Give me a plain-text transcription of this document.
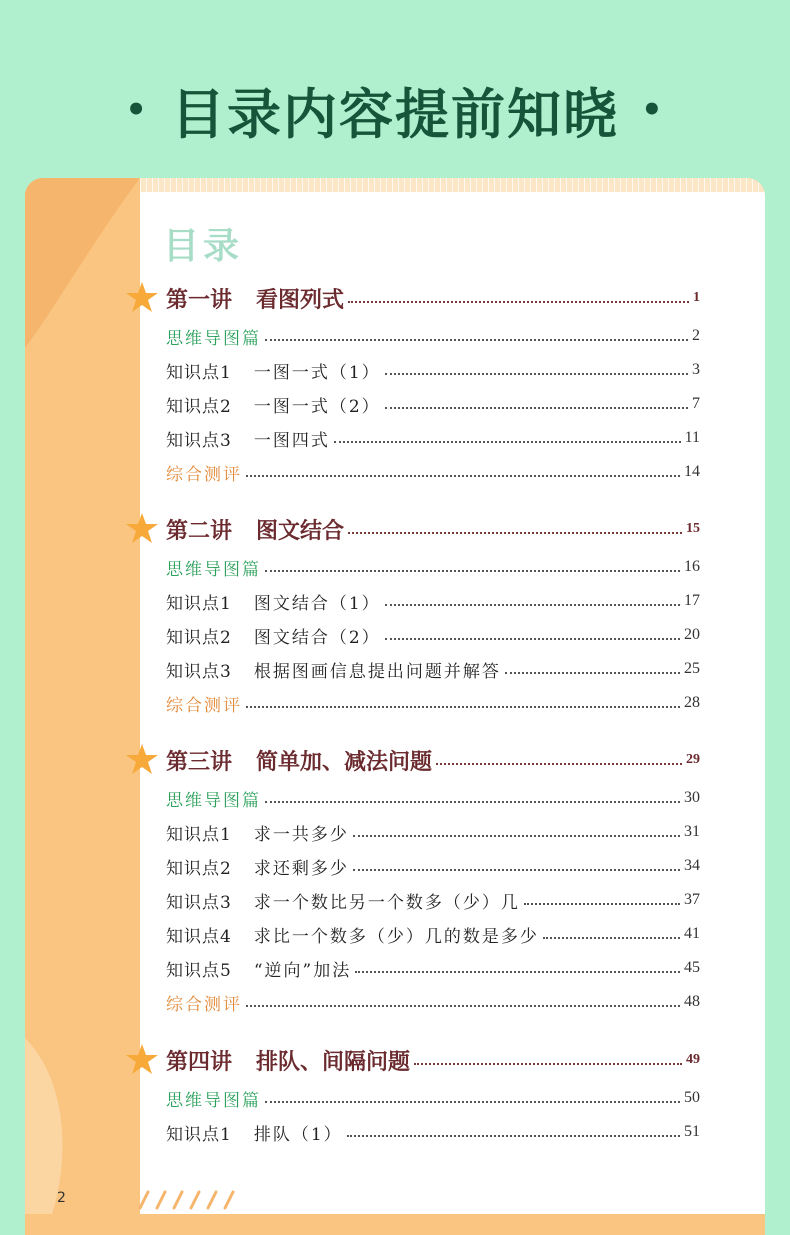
• 目录内容提前知晓 •
目录
第一讲 看图列式	1
思维导图篇	2
知识点1 一图一式（1）	3
知识点2 一图一式（2）	7
知识点3 一图四式	11
综合测评	14
第二讲 图文结合	15
思维导图篇	16
知识点1 图文结合（1）	17
知识点2 图文结合（2）	20
知识点3 根据图画信息提出问题并解答	25
综合测评	28
第三讲 简单加、减法问题	29
思维导图篇	30
知识点1 求一共多少	31
知识点2 求还剩多少	34
知识点3 求一个数比另一个数多（少）几	37
知识点4 求比一个数多（少）几的数是多少	41
知识点5 “逆向”加法	45
综合测评	48
第四讲 排队、间隔问题	49
思维导图篇	50
知识点1 排队（1）	51
2
